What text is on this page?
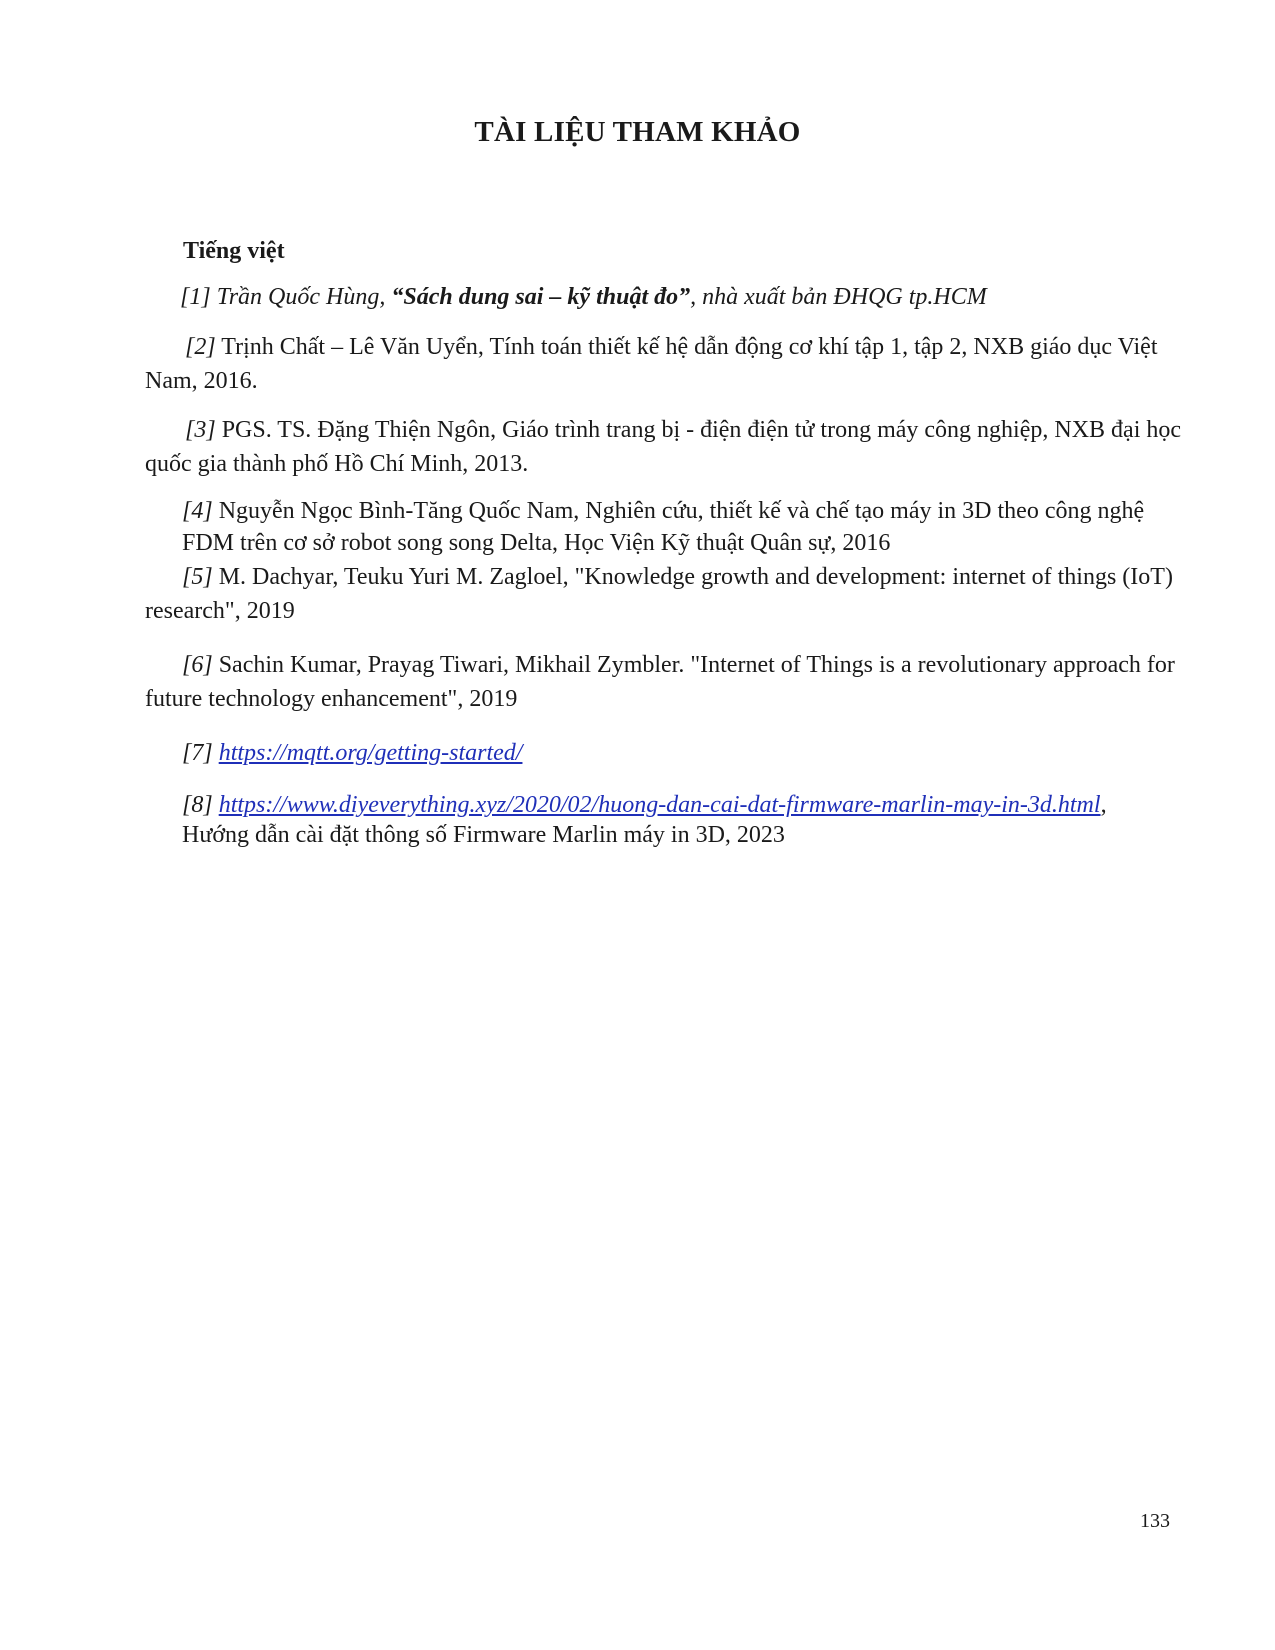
TÀI LIỆU THAM KHẢO
Tiếng việt
[1] Trần Quốc Hùng, “Sách dung sai – kỹ thuật đo”, nhà xuất bản ĐHQG tp.HCM
[2] Trịnh Chất – Lê Văn Uyển, Tính toán thiết kế hệ dẫn động cơ khí tập 1, tập 2, NXB giáo dục Việt Nam, 2016.
[3] PGS. TS. Đặng Thiện Ngôn, Giáo trình trang bị - điện điện tử trong máy công nghiệp, NXB đại học quốc gia thành phố Hồ Chí Minh, 2013.
[4] Nguyễn Ngọc Bình-Tăng Quốc Nam, Nghiên cứu, thiết kế và chế tạo máy in 3D theo công nghệ FDM trên cơ sở robot song song Delta, Học Viện Kỹ thuật Quân sự, 2016
[5] M. Dachyar, Teuku Yuri M. Zagloel, "Knowledge growth and development: internet of things (IoT) research", 2019
[6] Sachin Kumar, Prayag Tiwari, Mikhail Zymbler. "Internet of Things is a revolutionary approach for future technology enhancement", 2019
[7] https://mqtt.org/getting-started/
[8] https://www.diyeverything.xyz/2020/02/huong-dan-cai-dat-firmware-marlin-may-in-3d.html, Hướng dẫn cài đặt thông số Firmware Marlin máy in 3D, 2023
133
